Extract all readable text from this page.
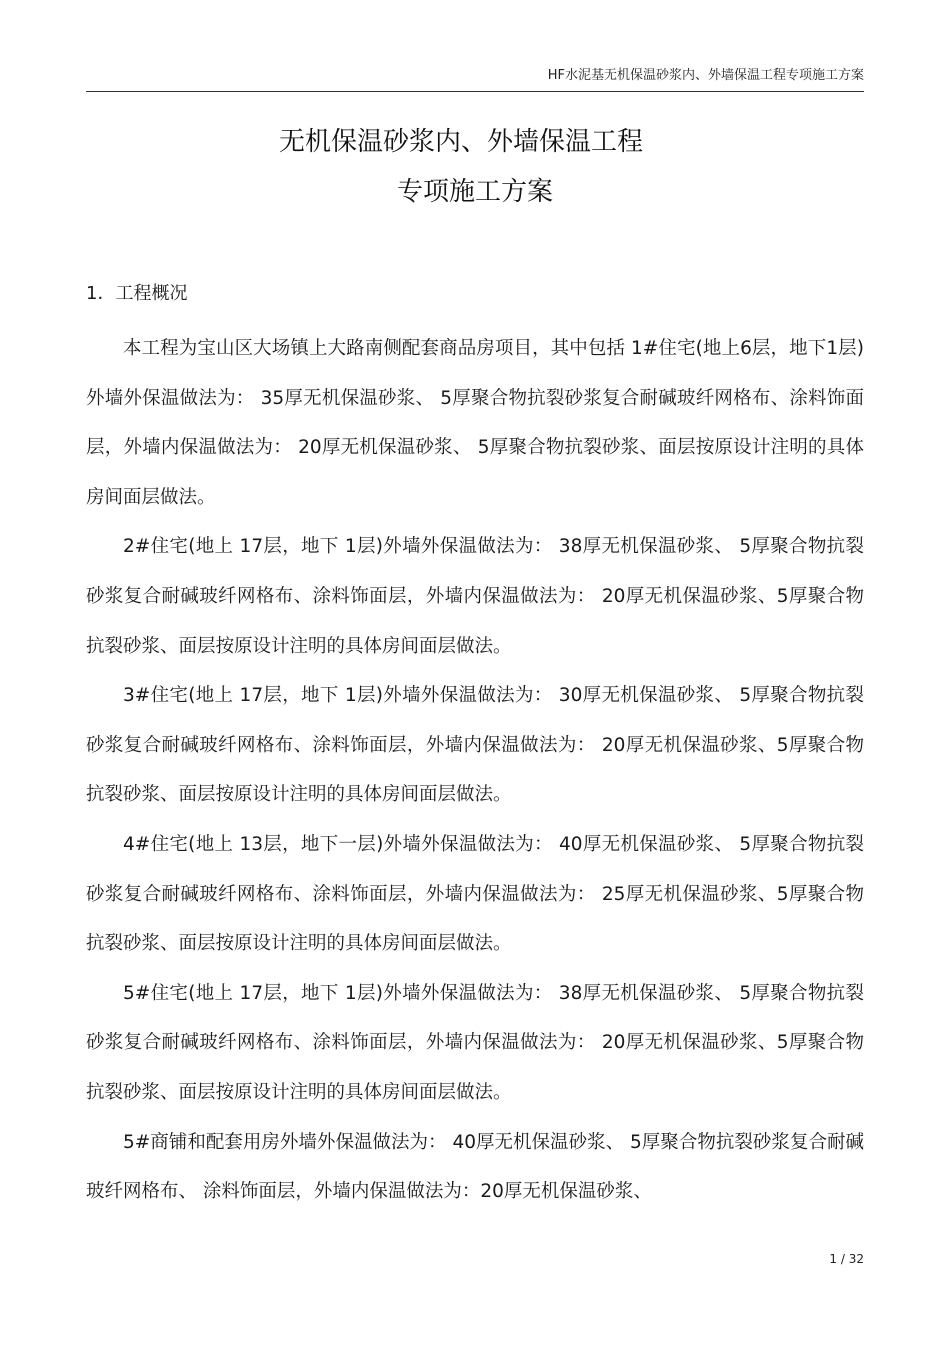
HF水泥基无机保温砂浆内、外墙保温工程专项施工方案
无机保温砂浆内、外墙保温工程
专项施工方案
1．工程概况

本工程为宝山区大场镇上大路南侧配套商品房项目，其中包括 1#住宅(地上6层，地下1层)外墙外保温做法为： 35厚无机保温砂浆、 5厚聚合物抗裂砂浆复合耐碱玻纤网格布、涂料饰面层，外墙内保温做法为： 20厚无机保温砂浆、 5厚聚合物抗裂砂浆、面层按原设计注明的具体房间面层做法。

2#住宅(地上 17层，地下 1层)外墙外保温做法为： 38厚无机保温砂浆、 5厚聚合物抗裂砂浆复合耐碱玻纤网格布、涂料饰面层，外墙内保温做法为： 20厚无机保温砂浆、5厚聚合物抗裂砂浆、面层按原设计注明的具体房间面层做法。

3#住宅(地上 17层，地下 1层)外墙外保温做法为： 30厚无机保温砂浆、 5厚聚合物抗裂砂浆复合耐碱玻纤网格布、涂料饰面层，外墙内保温做法为： 20厚无机保温砂浆、5厚聚合物抗裂砂浆、面层按原设计注明的具体房间面层做法。

4#住宅(地上 13层，地下一层)外墙外保温做法为： 40厚无机保温砂浆、 5厚聚合物抗裂砂浆复合耐碱玻纤网格布、涂料饰面层，外墙内保温做法为： 25厚无机保温砂浆、5厚聚合物抗裂砂浆、面层按原设计注明的具体房间面层做法。

5#住宅(地上 17层，地下 1层)外墙外保温做法为： 38厚无机保温砂浆、 5厚聚合物抗裂砂浆复合耐碱玻纤网格布、涂料饰面层，外墙内保温做法为： 20厚无机保温砂浆、5厚聚合物抗裂砂浆、面层按原设计注明的具体房间面层做法。

5#商铺和配套用房外墙外保温做法为： 40厚无机保温砂浆、 5厚聚合物抗裂砂浆复合耐碱玻纤网格布、 涂料饰面层，外墙内保温做法为：20厚无机保温砂浆、

1 / 32
